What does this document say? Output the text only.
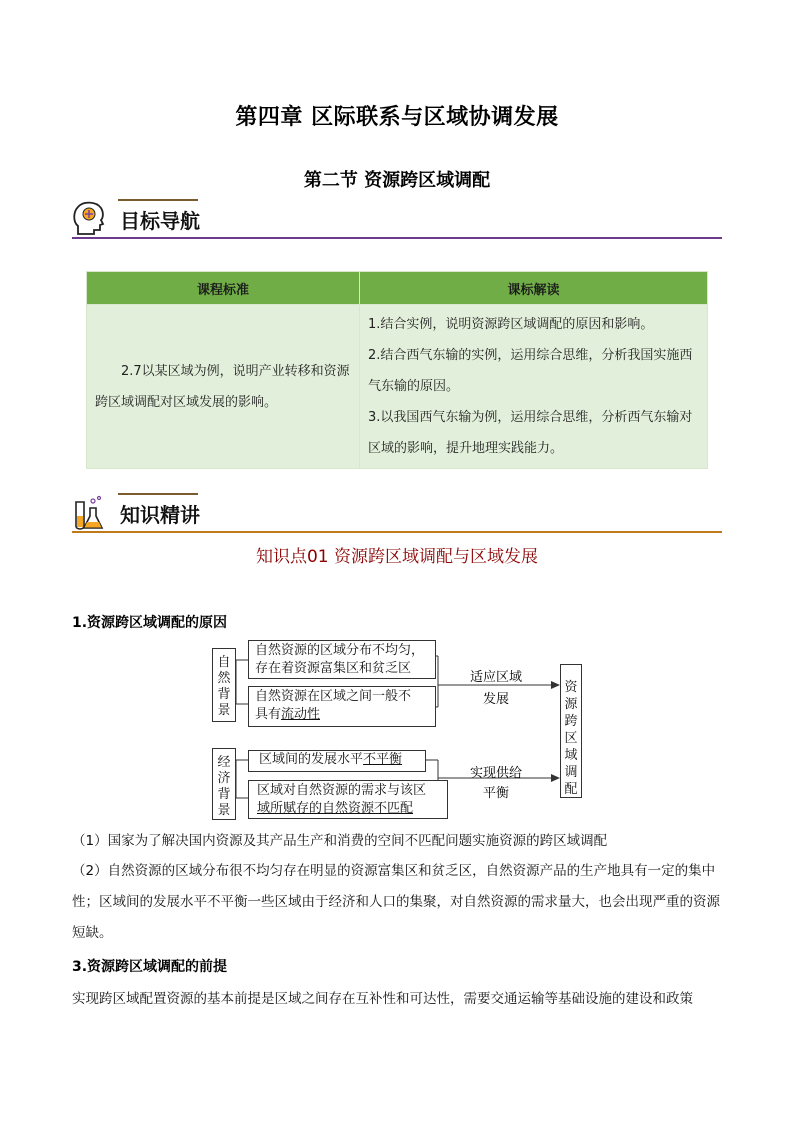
第四章 区际联系与区域协调发展
第二节 资源跨区域调配
目标导航
课程标准	课标解读
2.7以某区域为例，说明产业转移和资源跨区域调配对区域发展的影响。	1.结合实例，说明资源跨区域调配的原因和影响。
2.结合西气东输的实例，运用综合思维，分析我国实施西气东输的原因。
3.以我国西气东输为例，运用综合思维，分析西气东输对区域的影响，提升地理实践能力。
知识精讲
知识点01 资源跨区域调配与区域发展
1.资源跨区域调配的原因
自然背景
自然资源的区域分布不均匀，
存在着资源富集区和贫乏区
自然资源在区域之间一般不
具有流动性
适应区域
发展
经济背景
区域间的发展水平不平衡
区域对自然资源的需求与该区
域所赋存的自然资源不匹配
实现供给
平衡
资源跨区域调配
（1）国家为了解决国内资源及其产品生产和消费的空间不匹配问题实施资源的跨区域调配
（2）自然资源的区域分布很不均匀存在明显的资源富集区和贫乏区，自然资源产品的生产地具有一定的集中性；区域间的发展水平不平衡一些区域由于经济和人口的集聚，对自然资源的需求量大，也会出现严重的资源短缺。
3.资源跨区域调配的前提
实现跨区域配置资源的基本前提是区域之间存在互补性和可达性，需要交通运输等基础设施的建设和政策
